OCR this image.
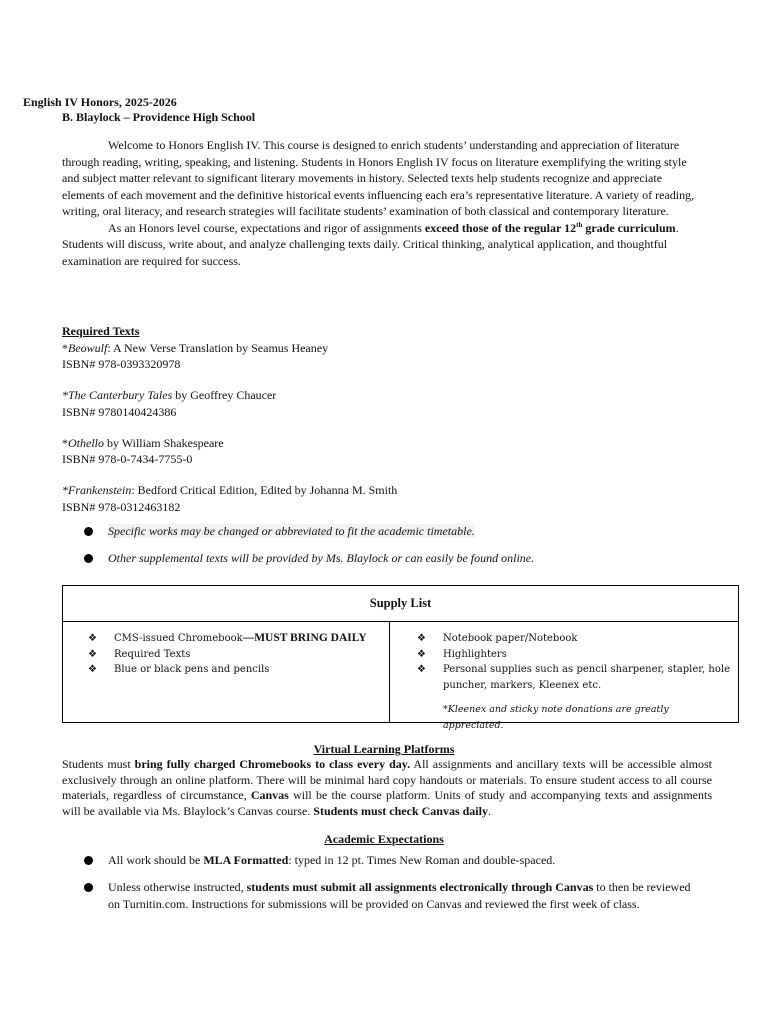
English IV Honors, 2025-2026
B. Blaylock – Providence High School

Welcome to Honors English IV. This course is designed to enrich students’ understanding and appreciation of literature through reading, writing, speaking, and listening. Students in Honors English IV focus on literature exemplifying the writing style and subject matter relevant to significant literary movements in history. Selected texts help students recognize and appreciate elements of each movement and the definitive historical events influencing each era’s representative literature. A variety of reading, writing, oral literacy, and research strategies will facilitate students’ examination of both classical and contemporary literature.

As an Honors level course, expectations and rigor of assignments exceed those of the regular 12th grade curriculum. Students will discuss, write about, and analyze challenging texts daily. Critical thinking, analytical application, and thoughtful examination are required for success.

Required Texts
*Beowulf: A New Verse Translation by Seamus Heaney
ISBN# 978-0393320978
*The Canterbury Tales by Geoffrey Chaucer
ISBN# 9780140424386
*Othello by William Shakespeare
ISBN# 978-0-7434-7755-0
*Frankenstein: Bedford Critical Edition, Edited by Johanna M. Smith
ISBN# 978-0312463182
Specific works may be changed or abbreviated to fit the academic timetable.
Other supplemental texts will be provided by Ms. Blaylock or can easily be found online.
Supply List
❖ CMS-issued Chromebook—MUST BRING DAILY
❖ Required Texts
❖ Blue or black pens and pencils
❖ Notebook paper/Notebook
❖ Highlighters
❖ Personal supplies such as pencil sharpener, stapler, hole puncher, markers, Kleenex etc.
*Kleenex and sticky note donations are greatly appreciated.
Virtual Learning Platforms
Students must bring fully charged Chromebooks to class every day. All assignments and ancillary texts will be accessible almost exclusively through an online platform. There will be minimal hard copy handouts or materials. To ensure student access to all course materials, regardless of circumstance, Canvas will be the course platform. Units of study and accompanying texts and assignments will be available via Ms. Blaylock’s Canvas course. Students must check Canvas daily.
Academic Expectations
All work should be MLA Formatted: typed in 12 pt. Times New Roman and double-spaced.
Unless otherwise instructed, students must submit all assignments electronically through Canvas to then be reviewed on Turnitin.com. Instructions for submissions will be provided on Canvas and reviewed the first week of class.
